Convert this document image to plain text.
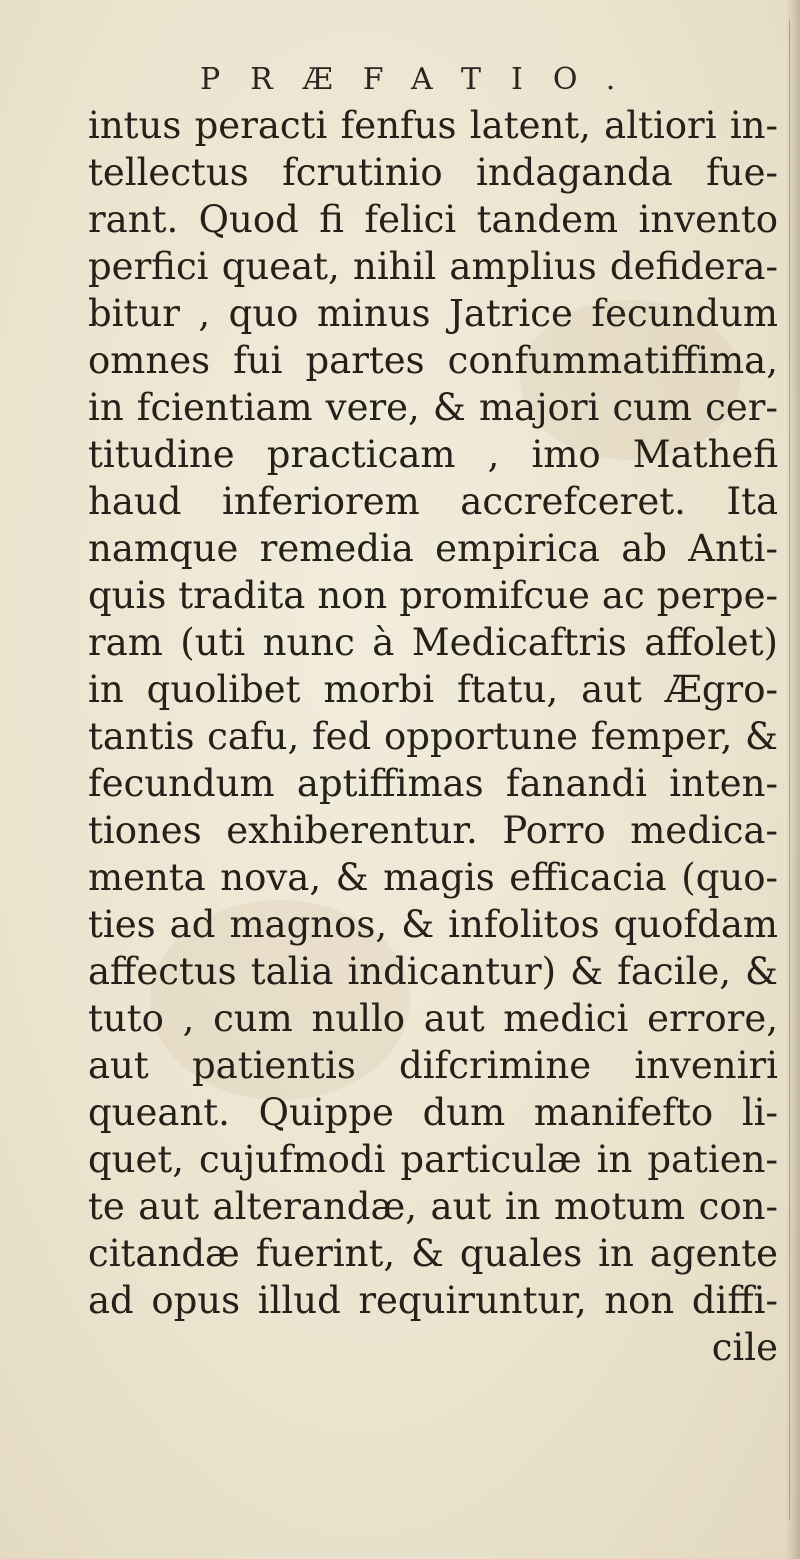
PRÆFATIO.
intus peracti fenfus latent, altiori in-
tellectus fcrutinio indaganda fue-
rant. Quod fi felici tandem invento
perfici queat, nihil amplius defidera-
bitur , quo minus Jatrice fecundum
omnes fui partes confummatiffima,
in fcientiam vere, & majori cum cer-
titudine practicam , imo Mathefi
haud inferiorem accrefceret. Ita
namque remedia empirica ab Anti-
quis tradita non promifcue ac perpe-
ram (uti nunc à Medicaftris affolet)
in quolibet morbi ftatu, aut Ægro-
tantis cafu, fed opportune femper, &
fecundum aptiffimas fanandi inten-
tiones exhiberentur. Porro medica-
menta nova, & magis efficacia (quo-
ties ad magnos, & infolitos quofdam
affectus talia indicantur) & facile, &
tuto , cum nullo aut medici errore,
aut patientis difcrimine inveniri
queant. Quippe dum manifefto li-
quet, cujufmodi particulæ in patien-
te aut alterandæ, aut in motum con-
citandæ fuerint, & quales in agente
ad opus illud requiruntur, non diffi-
cile
